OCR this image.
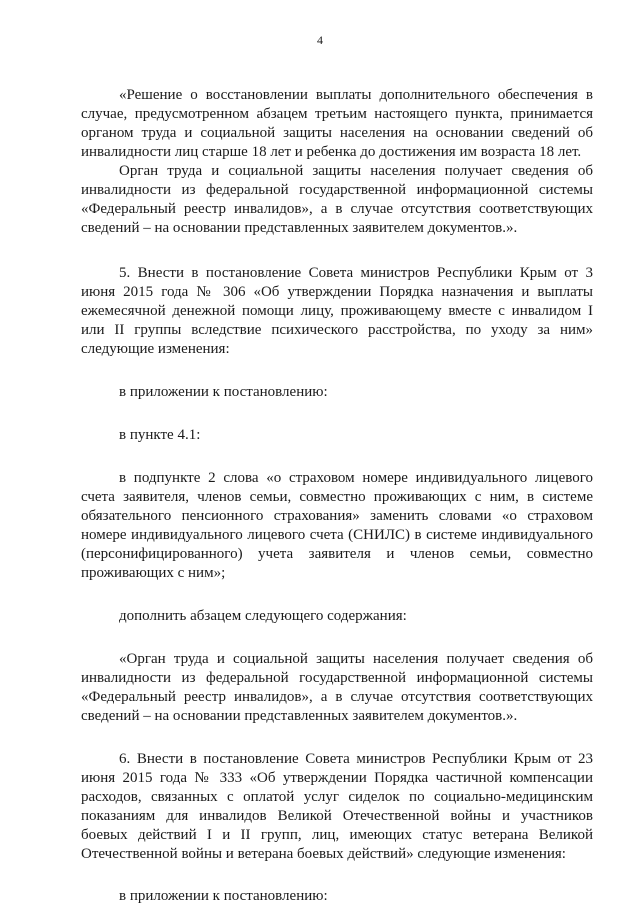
4

«Решение о восстановлении выплаты дополнительного обеспечения в случае, предусмотренном абзацем третьим настоящего пункта, принимается органом труда и социальной защиты населения на основании сведений об инвалидности лиц старше 18 лет и ребенка до достижения им возраста 18 лет.

Орган труда и социальной защиты населения получает сведения об инвалидности из федеральной государственной информационной системы «Федеральный реестр инвалидов», а в случае отсутствия соответствующих сведений – на основании представленных заявителем документов.».

5. Внести в постановление Совета министров Республики Крым от 3 июня 2015 года № 306 «Об утверждении Порядка назначения и выплаты ежемесячной денежной помощи лицу, проживающему вместе с инвалидом I или II группы вследствие психического расстройства, по уходу за ним» следующие изменения:

в приложении к постановлению:

в пункте 4.1:

в подпункте 2 слова «о страховом номере индивидуального лицевого счета заявителя, членов семьи, совместно проживающих с ним, в системе обязательного пенсионного страхования» заменить словами «о страховом номере индивидуального лицевого счета (СНИЛС) в системе индивидуального (персонифицированного) учета заявителя и членов семьи, совместно проживающих с ним»;

дополнить абзацем следующего содержания:

«Орган труда и социальной защиты населения получает сведения об инвалидности из федеральной государственной информационной системы «Федеральный реестр инвалидов», а в случае отсутствия соответствующих сведений – на основании представленных заявителем документов.».

6. Внести в постановление Совета министров Республики Крым от 23 июня 2015 года № 333 «Об утверждении Порядка частичной компенсации расходов, связанных с оплатой услуг сиделок по социально-медицинским показаниям для инвалидов Великой Отечественной войны и участников боевых действий I и II групп, лиц, имеющих статус ветерана Великой Отечественной войны и ветерана боевых действий» следующие изменения:

в приложении к постановлению:
